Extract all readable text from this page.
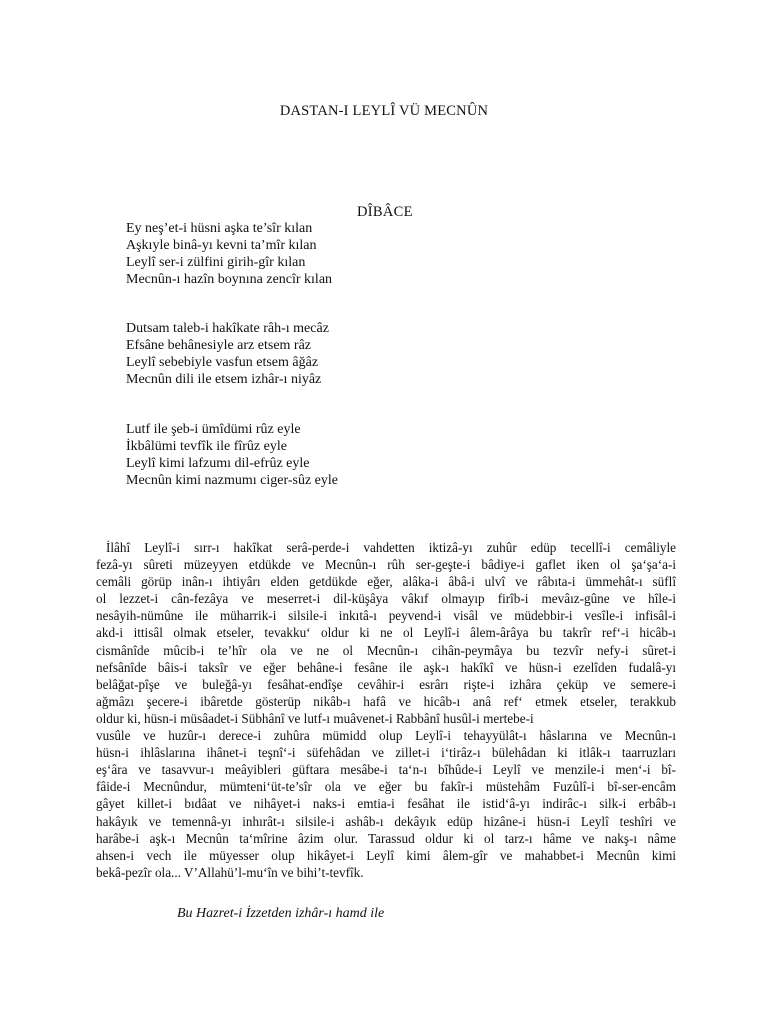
DASTAN-I LEYLÎ VÜ MECNÛN
DÎBÂCE
Ey neş’et-i hüsni aşka te’sîr kılan
Aşkıyle binâ-yı kevni ta’mîr kılan
Leylî ser-i zülfini girih-gîr kılan
Mecnûn-ı hazîn boynına zencîr kılan
Dutsam taleb-i hakîkate râh-ı mecâz
Efsâne behânesiyle arz etsem râz
Leylî sebebiyle vasfun etsem âğâz
Mecnûn dili ile etsem izhâr-ı niyâz
Lutf ile şeb-i ümîdümi rûz eyle
İkbâlümi tevfîk ile fîrûz eyle
Leylî kimi lafzumı dil-efrûz eyle
Mecnûn kimi nazmumı ciger-sûz eyle
İlâhî Leylî-i sırr-ı hakîkat serâ-perde-i vahdetten iktizâ-yı zuhûr edüp tecellî-i cemâliyle
fezâ-yı sûreti müzeyyen etdükde ve Mecnûn-ı rûh ser-geşte-i bâdiye-i gaflet iken ol şa‘şa‘a-i
cemâli görüp inân-ı ihtiyârı elden getdükde eğer, alâka-i âbâ-i ulvî ve râbıta-i ümmehât-ı süflî
ol lezzet-i cân-fezâya ve meserret-i dil-küşâya vâkıf olmayıp firîb-i mevâız-gûne ve hîle-i
nesâyih-nümûne ile müharrik-i silsile-i inkıtâ-ı peyvend-i visâl ve müdebbir-i vesîle-i infisâl-i
akd-i ittisâl olmak etseler, tevakku‘ oldur ki ne ol Leylî-i âlem-ârâya bu takrîr ref‘-i hicâb-ı
cismânîde mûcib-i te’hîr ola ve ne ol Mecnûn-ı cihân-peymâya bu tezvîr nefy-i sûret-i
nefsânîde bâis-i taksîr ve eğer behâne-i fesâne ile aşk-ı hakîkî ve hüsn-i ezelîden fudalâ-yı
belâğat-pîşe ve buleğâ-yı fesâhat-endîşe cevâhir-i esrârı rişte-i izhâra çeküp ve semere-i
ağmâzı şecere-i ibâretde gösterüp nikâb-ı hafâ ve hicâb-ı anâ ref‘ etmek etseler, terakkub
oldur ki, hüsn-i müsâadet-i Sübhânî ve lutf-ı muâvenet-i Rabbânî husûl-i mertebe-i
vusûle ve huzûr-ı derece-i zuhûra mümidd olup Leylî-i tehayyülât-ı hâslarına ve Mecnûn-ı
hüsn-i ihlâslarına ihânet-i teşnî‘-i süfehâdan ve zillet-i i‘tirâz-ı bülehâdan ki itlâk-ı taarruzları
eş‘âra ve tasavvur-ı meâyibleri güftara mesâbe-i ta‘n-ı bîhûde-i Leylî ve menzile-i men‘-i bî-
fâide-i Mecnûndur, mümteni‘üt-te’sîr ola ve eğer bu fakîr-i müstehâm Fuzûlî-i bî-ser-encâm
gâyet killet-i bıdâat ve nihâyet-i naks-i emtia-i fesâhat ile istid‘â-yı indirâc-ı silk-i erbâb-ı
hakâyık ve temennâ-yı inhırât-ı silsile-i ashâb-ı dekâyık edüp hizâne-i hüsn-i Leylî teshîri ve
harâbe-i aşk-ı Mecnûn ta‘mîrine âzim olur. Tarassud oldur ki ol tarz-ı hâme ve nakş-ı nâme
ahsen-i vech ile müyesser olup hikâyet-i Leylî kimi âlem-gîr ve mahabbet-i Mecnûn kimi
bekâ-pezîr ola... V’Allahü’l-mu‘în ve bihi’t-tevfîk.
Bu Hazret-i İzzetden izhâr-ı hamd ile
